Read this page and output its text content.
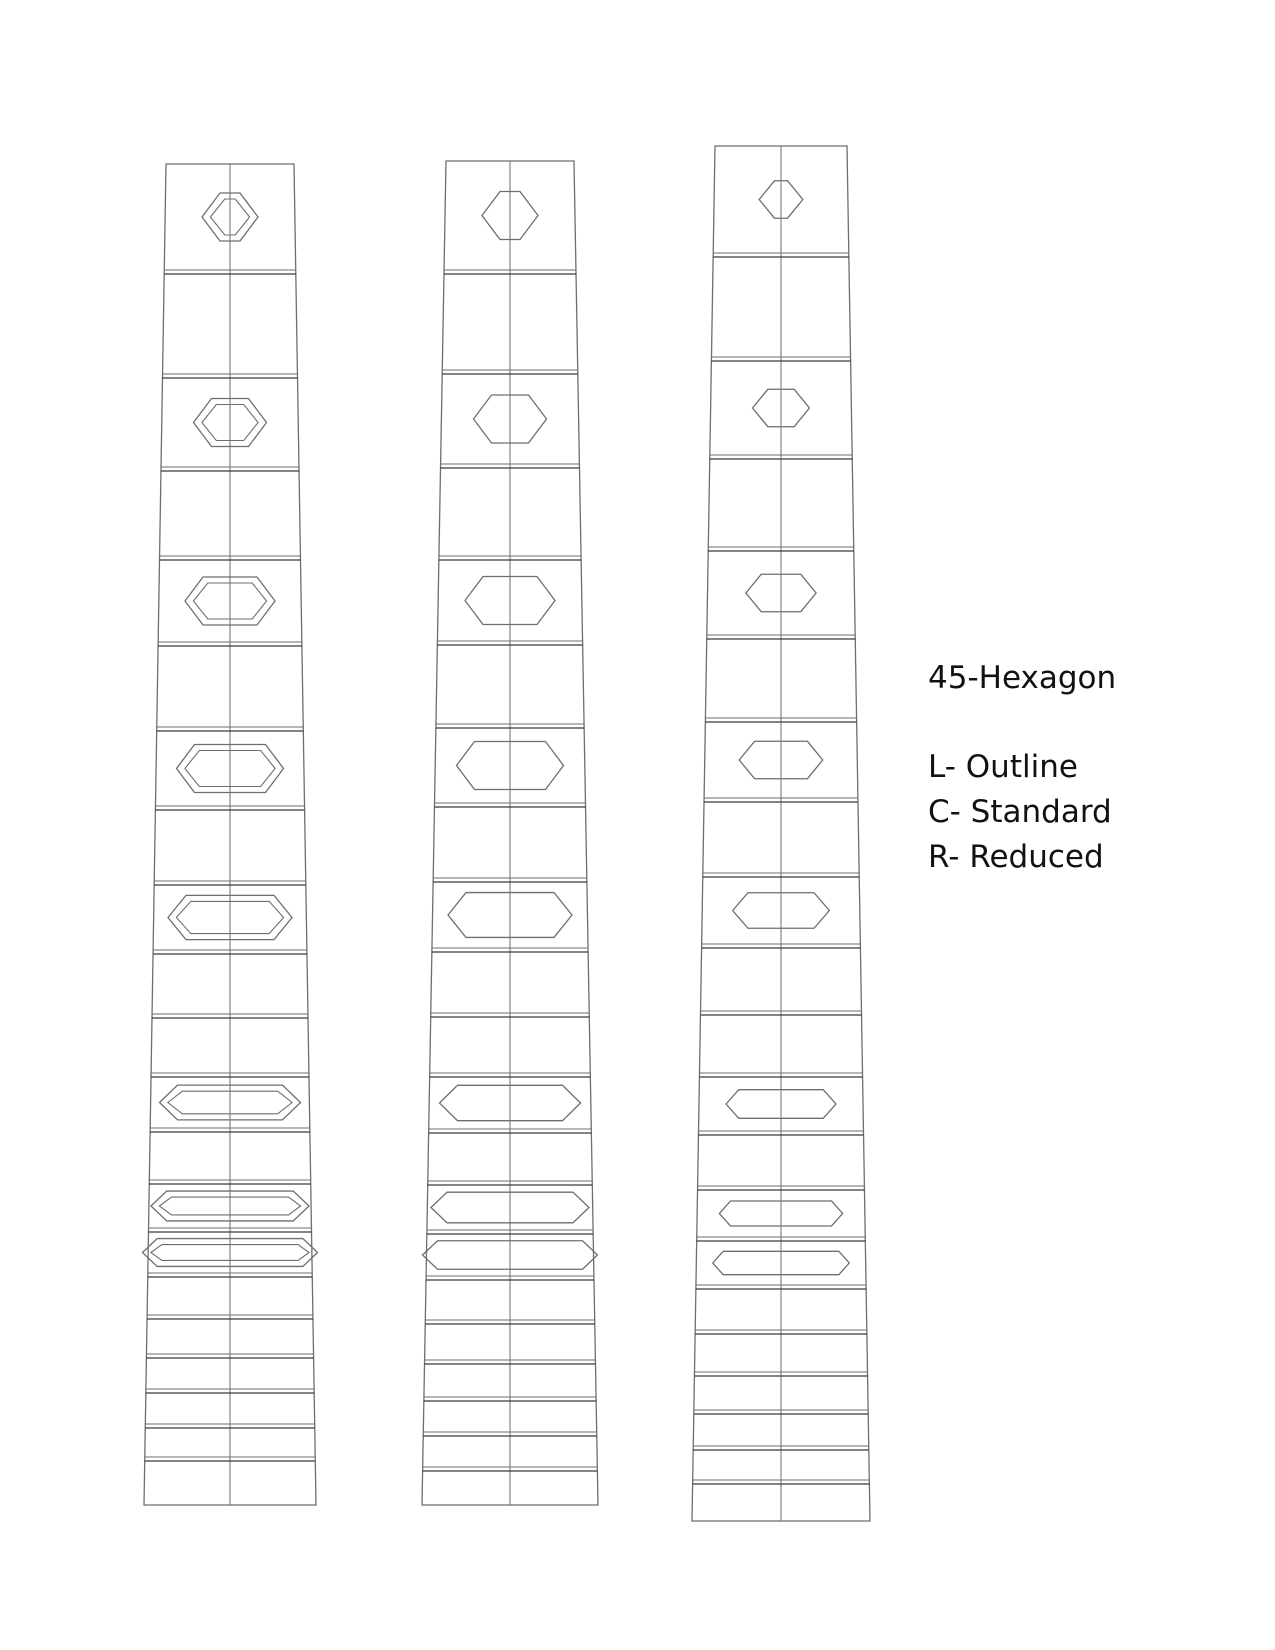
45-Hexagon
L- Outline
C- Standard
R- Reduced
